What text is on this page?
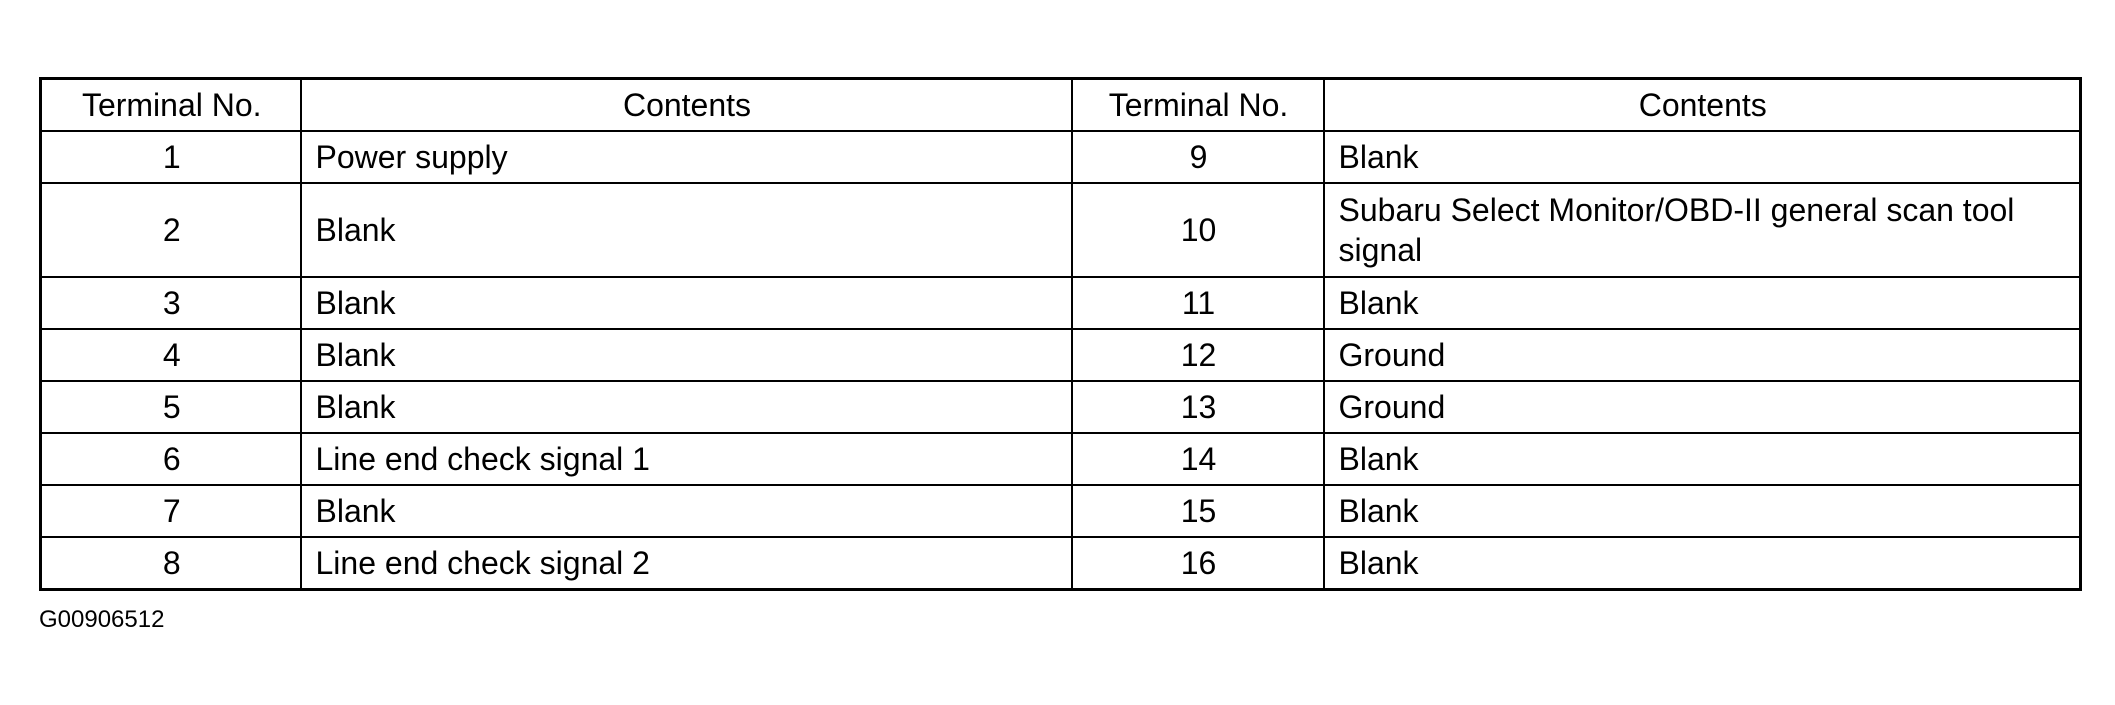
Terminal No.	Contents	Terminal No.	Contents
1	Power supply	9	Blank
2	Blank	10	Subaru Select Monitor/OBD-II general scan tool signal
3	Blank	11	Blank
4	Blank	12	Ground
5	Blank	13	Ground
6	Line end check signal 1	14	Blank
7	Blank	15	Blank
8	Line end check signal 2	16	Blank
G00906512
